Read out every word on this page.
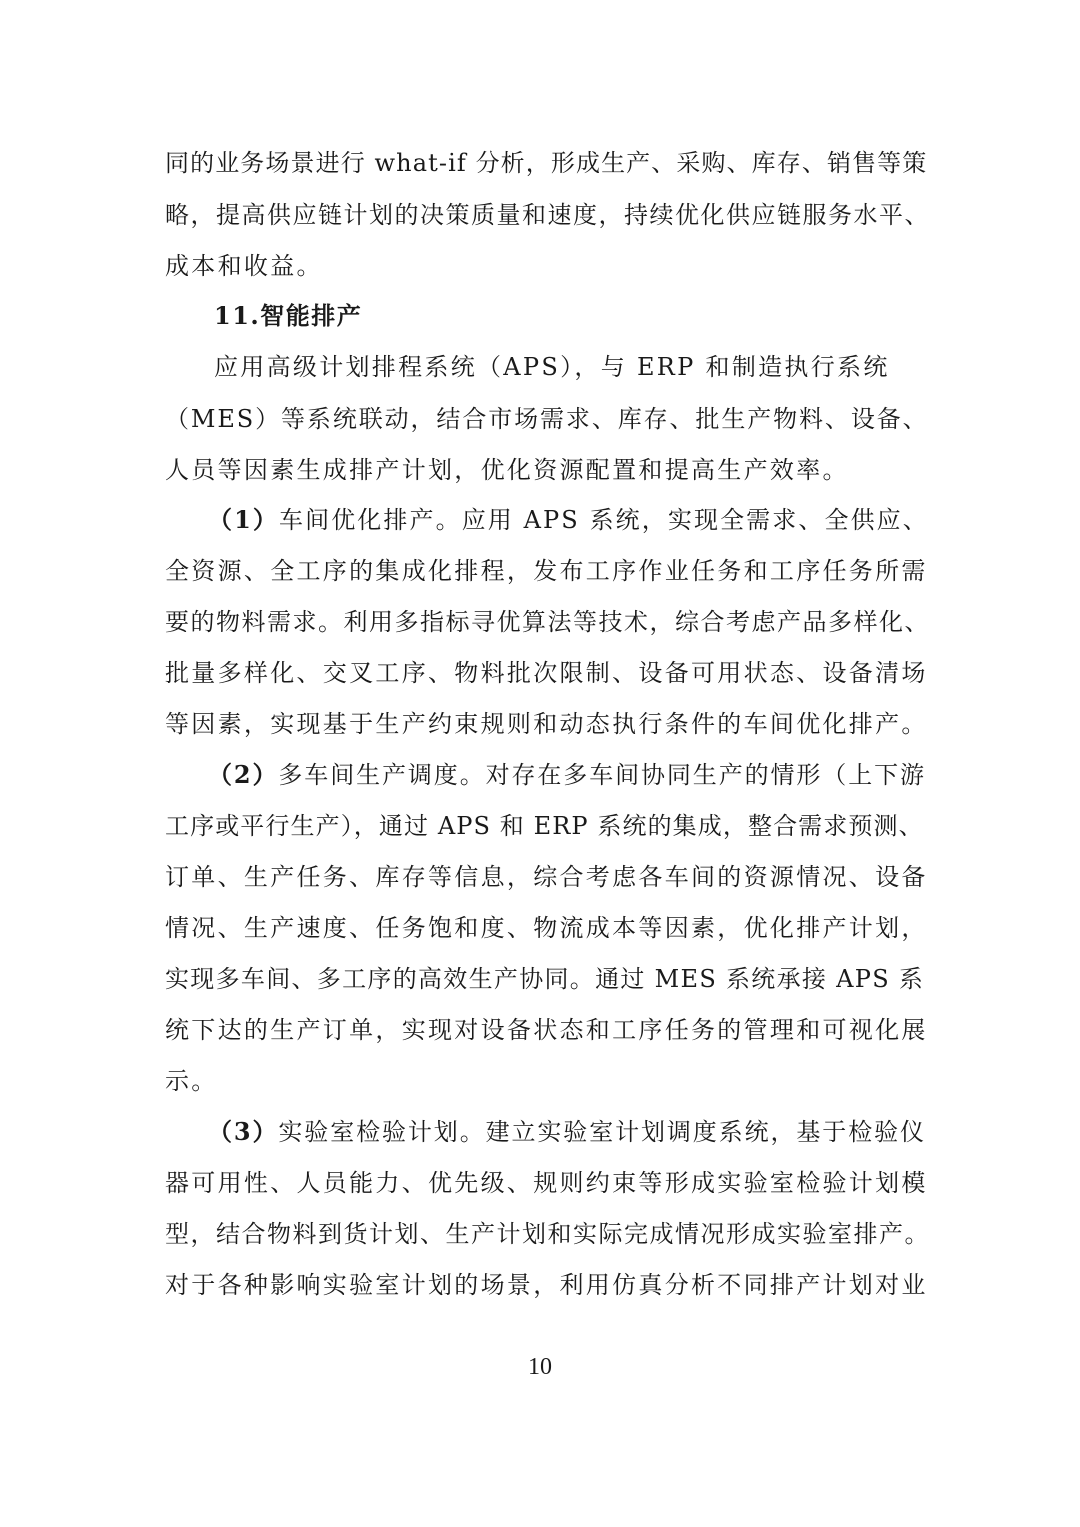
同的业务场景进行 what-if 分析，形成生产、采购、库存、销售等策
略，提高供应链计划的决策质量和速度，持续优化供应链服务水平、
成本和收益。
11.智能排产
应用高级计划排程系统（APS），与 ERP 和制造执行系统
（MES）等系统联动，结合市场需求、库存、批生产物料、设备、
人员等因素生成排产计划，优化资源配置和提高生产效率。
（1）车间优化排产。应用 APS 系统，实现全需求、全供应、
全资源、全工序的集成化排程，发布工序作业任务和工序任务所需
要的物料需求。利用多指标寻优算法等技术，综合考虑产品多样化、
批量多样化、交叉工序、物料批次限制、设备可用状态、设备清场
等因素，实现基于生产约束规则和动态执行条件的车间优化排产。
（2）多车间生产调度。对存在多车间协同生产的情形（上下游
工序或平行生产），通过 APS 和 ERP 系统的集成，整合需求预测、
订单、生产任务、库存等信息，综合考虑各车间的资源情况、设备
情况、生产速度、任务饱和度、物流成本等因素，优化排产计划，
实现多车间、多工序的高效生产协同。通过 MES 系统承接 APS 系
统下达的生产订单，实现对设备状态和工序任务的管理和可视化展
示。
（3）实验室检验计划。建立实验室计划调度系统，基于检验仪
器可用性、人员能力、优先级、规则约束等形成实验室检验计划模
型，结合物料到货计划、生产计划和实际完成情况形成实验室排产。
对于各种影响实验室计划的场景，利用仿真分析不同排产计划对业
10
